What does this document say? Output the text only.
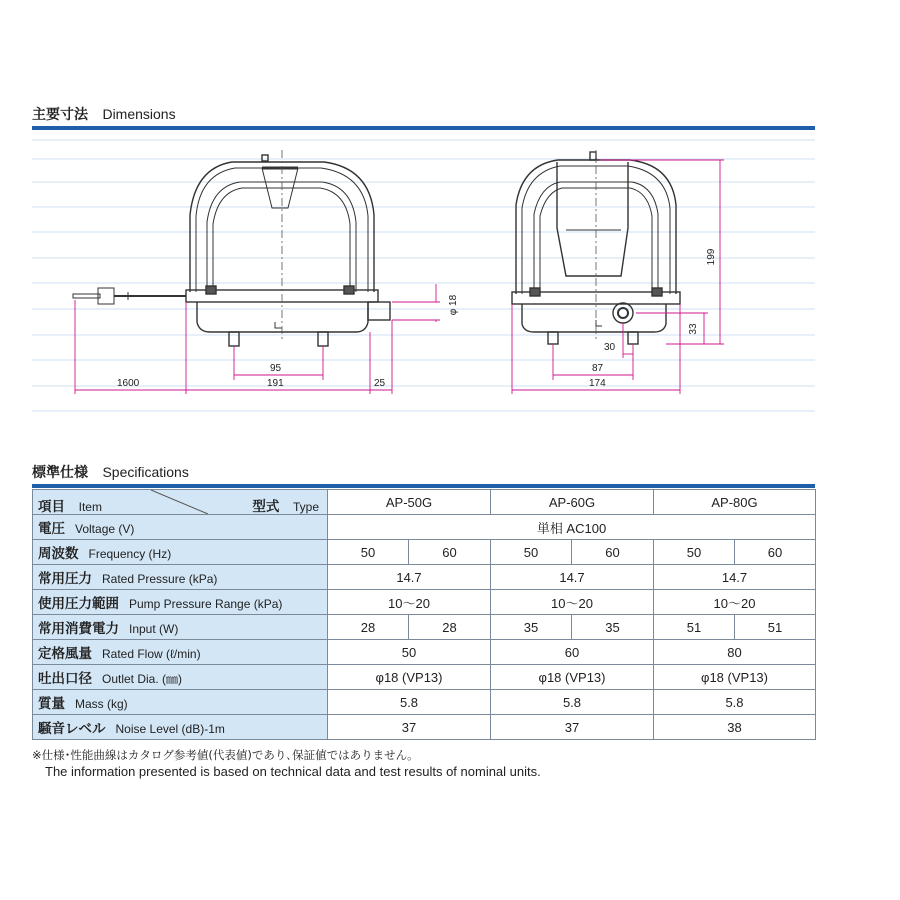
主要寸法 Dimensions
1600	191
95
25
φ 18
174
87
30
199
33
標準仕様 Specifications
項目 Item 型式 Type	AP-50G		AP-60G		AP-80G	
電圧 Voltage (V)	単相 AC100					
周波数 Frequency (Hz)	50	60	50	60	50	60
常用圧力 Rated Pressure (kPa)	14.7		14.7		14.7	
使用圧力範囲 Pump Pressure Range (kPa)	10～20		10～20		10～20	
常用消費電力 Input (W)	28	28	35	35	51	51
定格風量 Rated Flow (ℓ/min)	50		60		80	
吐出口径 Outlet Dia. (㎜)	φ18 (VP13)		φ18 (VP13)		φ18 (VP13)	
質量 Mass (kg)	5.8		5.8		5.8	
騒音レベル Noise Level (dB)-1m	37		37		38	
※仕様･性能曲線はカタログ参考値(代表値)であり､保証値ではありません｡
The information presented is based on technical data and test results of nominal units.
